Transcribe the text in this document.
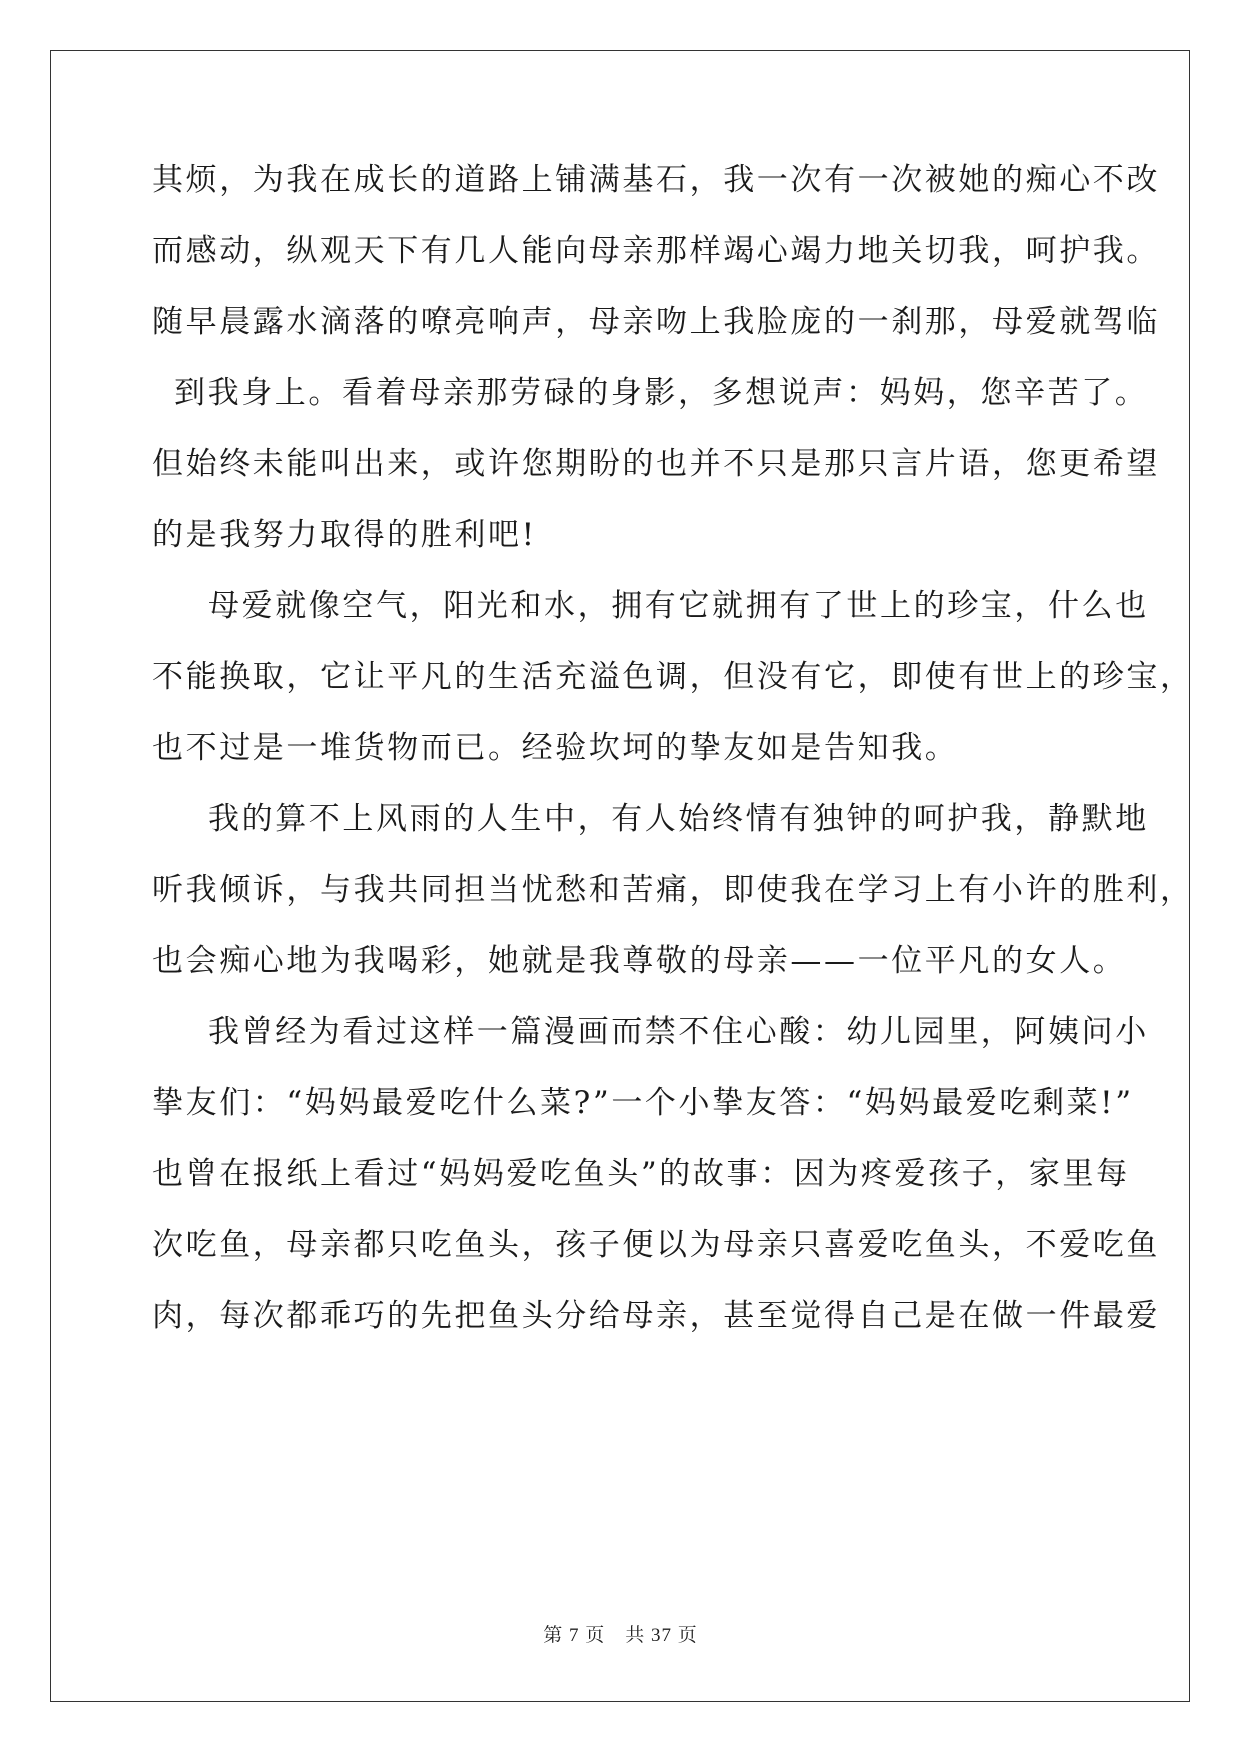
其烦，为我在成长的道路上铺满基石，我一次有一次被她的痴心不改
而感动，纵观天下有几人能向母亲那样竭心竭力地关切我，呵护我。
随早晨露水滴落的嘹亮响声，母亲吻上我脸庞的一刹那，母爱就驾临
到我身上。看着母亲那劳碌的身影，多想说声：妈妈，您辛苦了。
但始终未能叫出来，或许您期盼的也并不只是那只言片语，您更希望
的是我努力取得的胜利吧!
母爱就像空气，阳光和水，拥有它就拥有了世上的珍宝，什么也
不能换取，它让平凡的生活充溢色调，但没有它，即使有世上的珍宝，
也不过是一堆货物而已。经验坎坷的挚友如是告知我。
我的算不上风雨的人生中，有人始终情有独钟的呵护我，静默地
听我倾诉，与我共同担当忧愁和苦痛，即使我在学习上有小许的胜利，
也会痴心地为我喝彩，她就是我尊敬的母亲——一位平凡的女人。
我曾经为看过这样一篇漫画而禁不住心酸：幼儿园里，阿姨问小
挚友们：“妈妈最爱吃什么菜?”一个小挚友答：“妈妈最爱吃剩菜!”
也曾在报纸上看过“妈妈爱吃鱼头”的故事：因为疼爱孩子，家里每
次吃鱼，母亲都只吃鱼头，孩子便以为母亲只喜爱吃鱼头，不爱吃鱼
肉，每次都乖巧的先把鱼头分给母亲，甚至觉得自己是在做一件最爱
第 7 页　共 37 页
